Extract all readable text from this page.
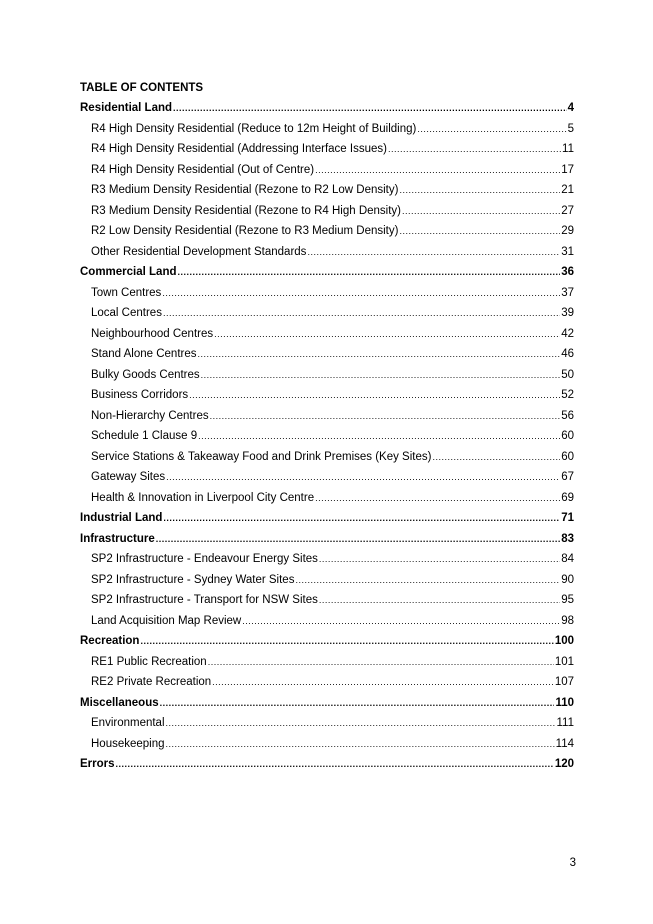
TABLE OF CONTENTS
Residential Land .....	4
R4 High Density Residential (Reduce to 12m Height of Building) .....	5
R4 High Density Residential (Addressing Interface Issues) .....	11
R4 High Density Residential (Out of Centre) .....	17
R3 Medium Density Residential (Rezone to R2 Low Density) .....	21
R3 Medium Density Residential (Rezone to R4 High Density) .....	27
R2 Low Density Residential (Rezone to R3 Medium Density) .....	29
Other Residential Development Standards .....	31
Commercial Land .....	36
Town Centres .....	37
Local Centres .....	39
Neighbourhood Centres .....	42
Stand Alone Centres .....	46
Bulky Goods Centres .....	50
Business Corridors .....	52
Non-Hierarchy Centres .....	56
Schedule 1 Clause 9 .....	60
Service Stations & Takeaway Food and Drink Premises (Key Sites) .....	60
Gateway Sites .....	67
Health & Innovation in Liverpool City Centre .....	69
Industrial Land .....	71
Infrastructure .....	83
SP2 Infrastructure - Endeavour Energy Sites .....	84
SP2 Infrastructure - Sydney Water Sites .....	90
SP2 Infrastructure - Transport for NSW Sites .....	95
Land Acquisition Map Review .....	98
Recreation .....	100
RE1 Public Recreation .....	101
RE2 Private Recreation .....	107
Miscellaneous .....	110
Environmental .....	111
Housekeeping .....	114
Errors .....	120
3
